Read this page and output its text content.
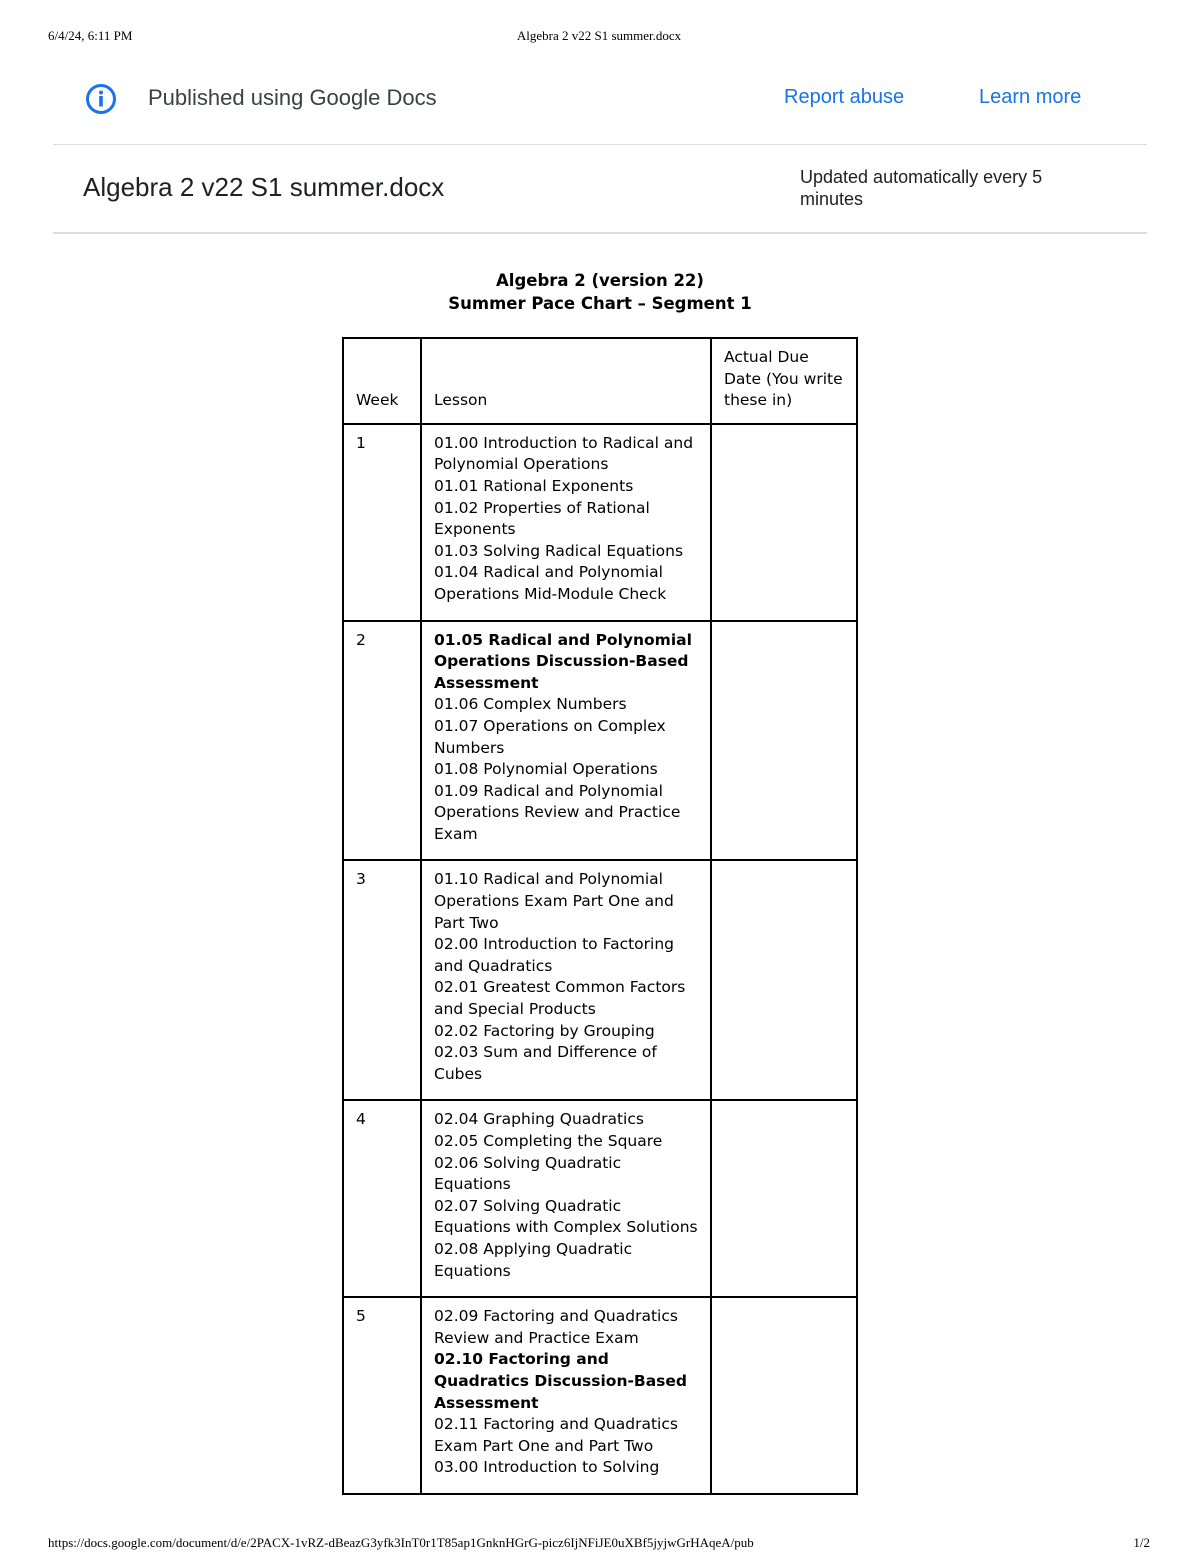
6/4/24, 6:11 PM	Algebra 2 v22 S1 summer.docx
Published using Google Docs	Report abuse	Learn more
Algebra 2 v22 S1 summer.docx	Updated automatically every 5 minutes
Algebra 2 (version 22)
Summer Pace Chart – Segment 1
Week	Lesson	Actual Due Date (You write these in)
1	01.00 Introduction to Radical and Polynomial Operations
01.01 Rational Exponents
01.02 Properties of Rational Exponents
01.03 Solving Radical Equations
01.04 Radical and Polynomial Operations Mid-Module Check	

2	01.05 Radical and Polynomial Operations Discussion-Based Assessment
01.06 Complex Numbers
01.07 Operations on Complex Numbers
01.08 Polynomial Operations
01.09 Radical and Polynomial Operations Review and Practice Exam	

3	01.10 Radical and Polynomial Operations Exam Part One and Part Two
02.00 Introduction to Factoring and Quadratics
02.01 Greatest Common Factors and Special Products
02.02 Factoring by Grouping
02.03 Sum and Difference of Cubes	

4	02.04 Graphing Quadratics
02.05 Completing the Square
02.06 Solving Quadratic Equations
02.07 Solving Quadratic Equations with Complex Solutions
02.08 Applying Quadratic Equations	

5	02.09 Factoring and Quadratics Review and Practice Exam
02.10 Factoring and Quadratics Discussion-Based Assessment
02.11 Factoring and Quadratics Exam Part One and Part Two
03.00 Introduction to Solving	

https://docs.google.com/document/d/e/2PACX-1vRZ-dBeazG3yfk3InT0r1T85ap1GnknHGrG-picz6IjNFiJE0uXBf5jyjwGrHAqeA/pub	1/2
